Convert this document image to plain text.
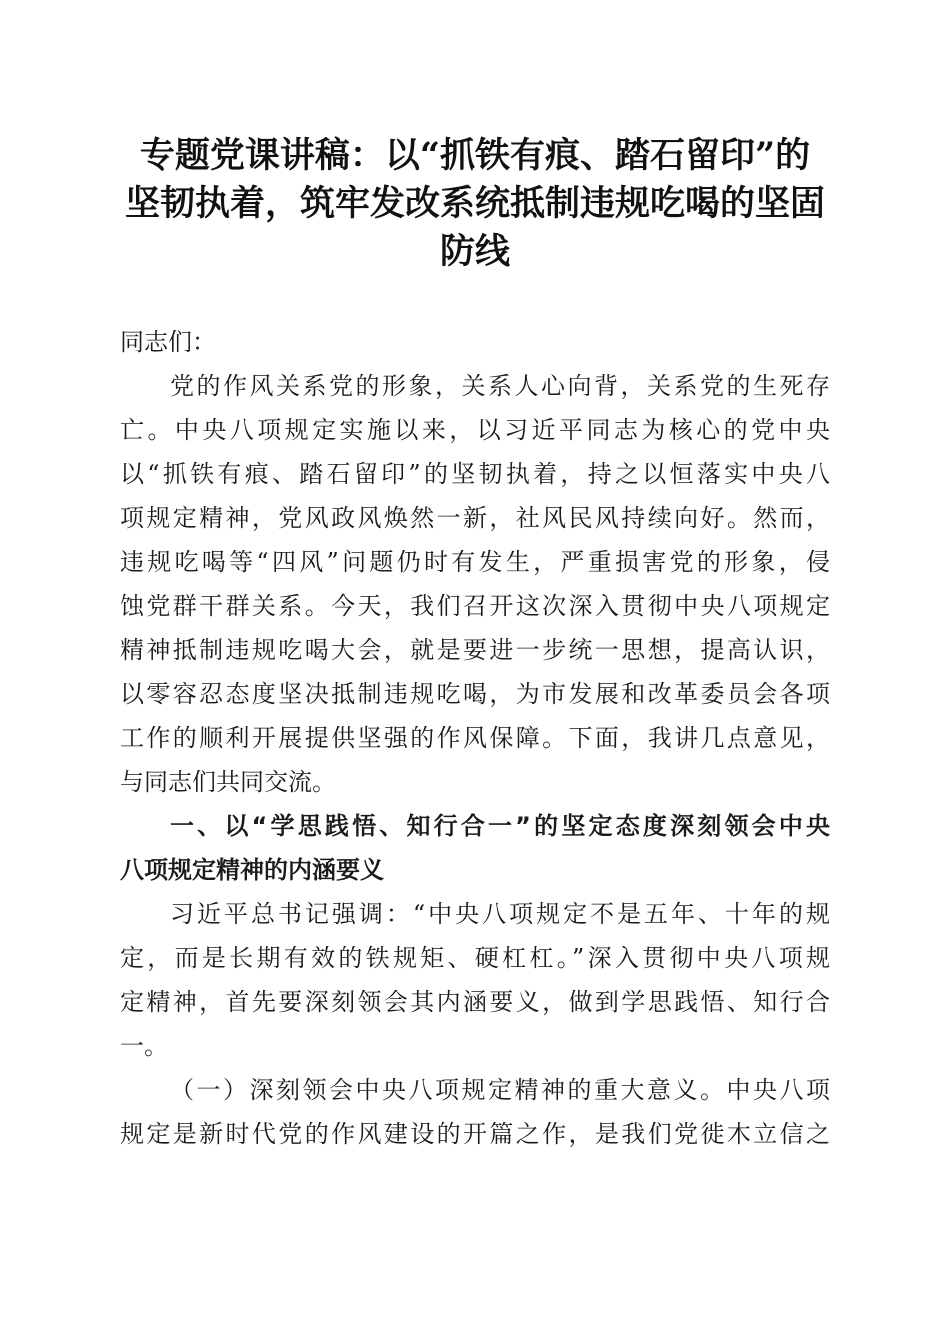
专题党课讲稿：以“抓铁有痕、踏石留印”的
坚韧执着，筑牢发改系统抵制违规吃喝的坚固
防线
同志们：
党的作风关系党的形象，关系人心向背，关系党的生死存
亡。中央八项规定实施以来，以习近平同志为核心的党中央
以“抓铁有痕、踏石留印”的坚韧执着，持之以恒落实中央八
项规定精神，党风政风焕然一新，社风民风持续向好。然而，
违规吃喝等“四风”问题仍时有发生，严重损害党的形象，侵
蚀党群干群关系。今天，我们召开这次深入贯彻中央八项规定
精神抵制违规吃喝大会，就是要进一步统一思想，提高认识，
以零容忍态度坚决抵制违规吃喝，为市发展和改革委员会各项
工作的顺利开展提供坚强的作风保障。下面，我讲几点意见，
与同志们共同交流。
一、以“学思践悟、知行合一”的坚定态度深刻领会中央
八项规定精神的内涵要义
习近平总书记强调：“中央八项规定不是五年、十年的规
定，而是长期有效的铁规矩、硬杠杠。”深入贯彻中央八项规
定精神，首先要深刻领会其内涵要义，做到学思践悟、知行合
一。
（一）深刻领会中央八项规定精神的重大意义。中央八项
规定是新时代党的作风建设的开篇之作，是我们党徙木立信之
